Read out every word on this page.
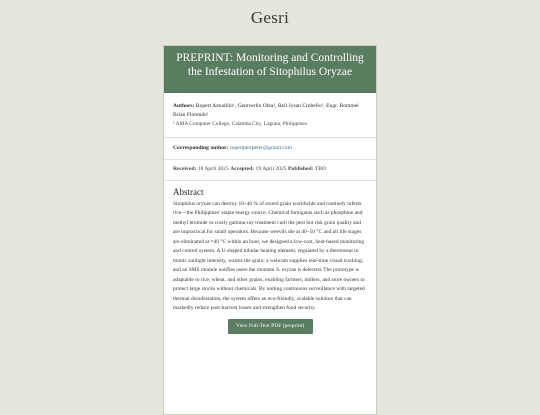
Gesri
PREPRINT: Monitoring and Controlling the Infestation of Sitophilus Oryzae
Authors: Ropert Astudillo¹, Gentverlin Olea¹, Reil Jysan Crebello¹, Engr. Rommel Brian Florendo¹
¹ AMA Computer College, Calamba City, Laguna, Philippines
Corresponding author: ropertpertpeter@gmail.com
Received: 18 April 2025 Accepted: 19 April 2025 Published: TBD
Abstract
Sitophilus oryzae can destroy 10–40 % of stored grain worldwide and routinely infests rice—the Philippines' staple energy source. Chemical fumigants such as phosphine and methyl bromide or costly gamma-ray treatment curb the pest but risk grain quality and are impractical for small operators. Because weevils die at 40–50 °C and all life stages are eliminated at ≈49 °C within an hour, we designed a low-cost, heat-based monitoring and control system. A U-shaped tubular heating element, regulated by a thermostat to mimic sunlight intensity, warms the grain; a webcam supplies real-time visual tracking; and an SMS module notifies users the moment S. oryzae is detected. The prototype is adaptable to rice, wheat, and other grains, enabling farmers, millers, and store owners to protect large stocks without chemicals. By uniting continuous surveillance with targeted thermal disinfestation, the system offers an eco-friendly, scalable solution that can markedly reduce post-harvest losses and strengthen food security.
View Full-Text PDF (preprint)
